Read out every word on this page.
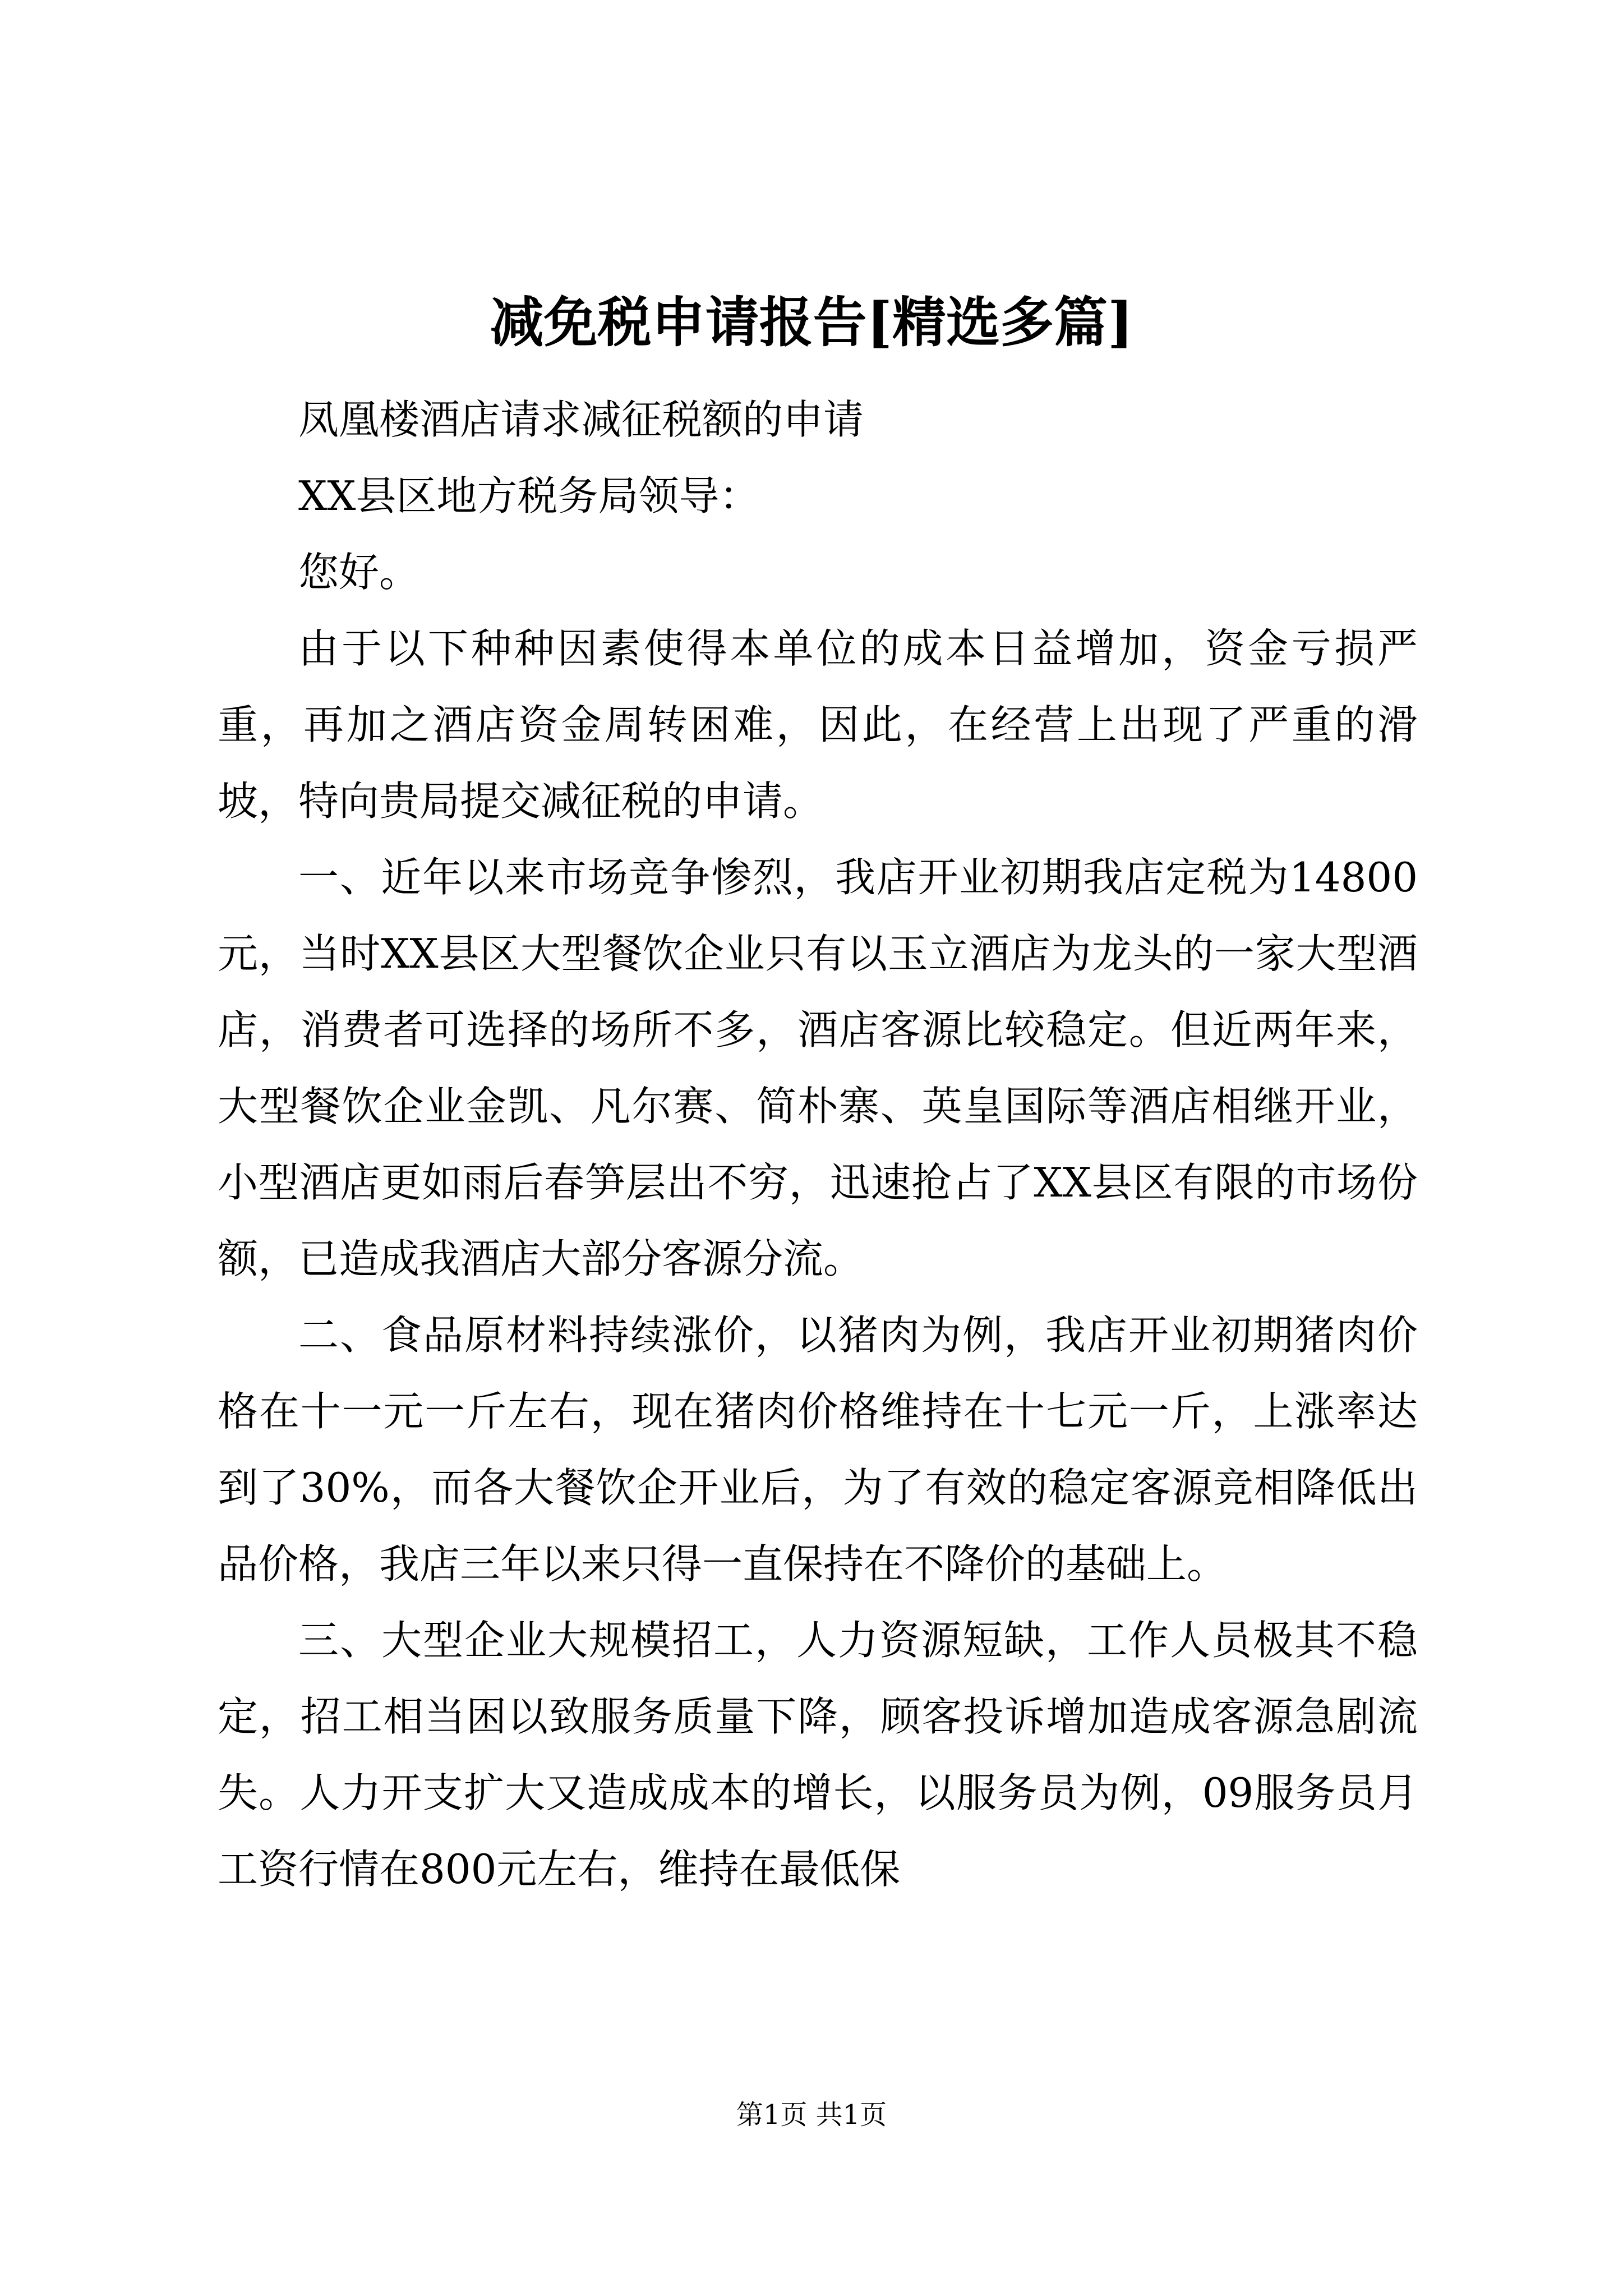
减免税申请报告[精选多篇]

凤凰楼酒店请求减征税额的申请

XX县区地方税务局领导：

您好。

由于以下种种因素使得本单位的成本日益增加，资金亏损严重，再加之酒店资金周转困难，因此，在经营上出现了严重的滑坡，特向贵局提交减征税的申请。

一、近年以来市场竞争惨烈，我店开业初期我店定税为14800元，当时XX县区大型餐饮企业只有以玉立酒店为龙头的一家大型酒店，消费者可选择的场所不多，酒店客源比较稳定。但近两年来，大型餐饮企业金凯、凡尔赛、简朴寨、英皇国际等酒店相继开业，小型酒店更如雨后春笋层出不穷，迅速抢占了XX县区有限的市场份额，已造成我酒店大部分客源分流。

二、食品原材料持续涨价，以猪肉为例，我店开业初期猪肉价格在十一元一斤左右，现在猪肉价格维持在十七元一斤，上涨率达到了30%，而各大餐饮企开业后，为了有效的稳定客源竞相降低出品价格，我店三年以来只得一直保持在不降价的基础上。

三、大型企业大规模招工，人力资源短缺，工作人员极其不稳定，招工相当困以致服务质量下降，顾客投诉增加造成客源急剧流失。人力开支扩大又造成成本的增长，以服务员为例，09服务员月工资行情在800元左右，维持在最低保

第1页 共1页
